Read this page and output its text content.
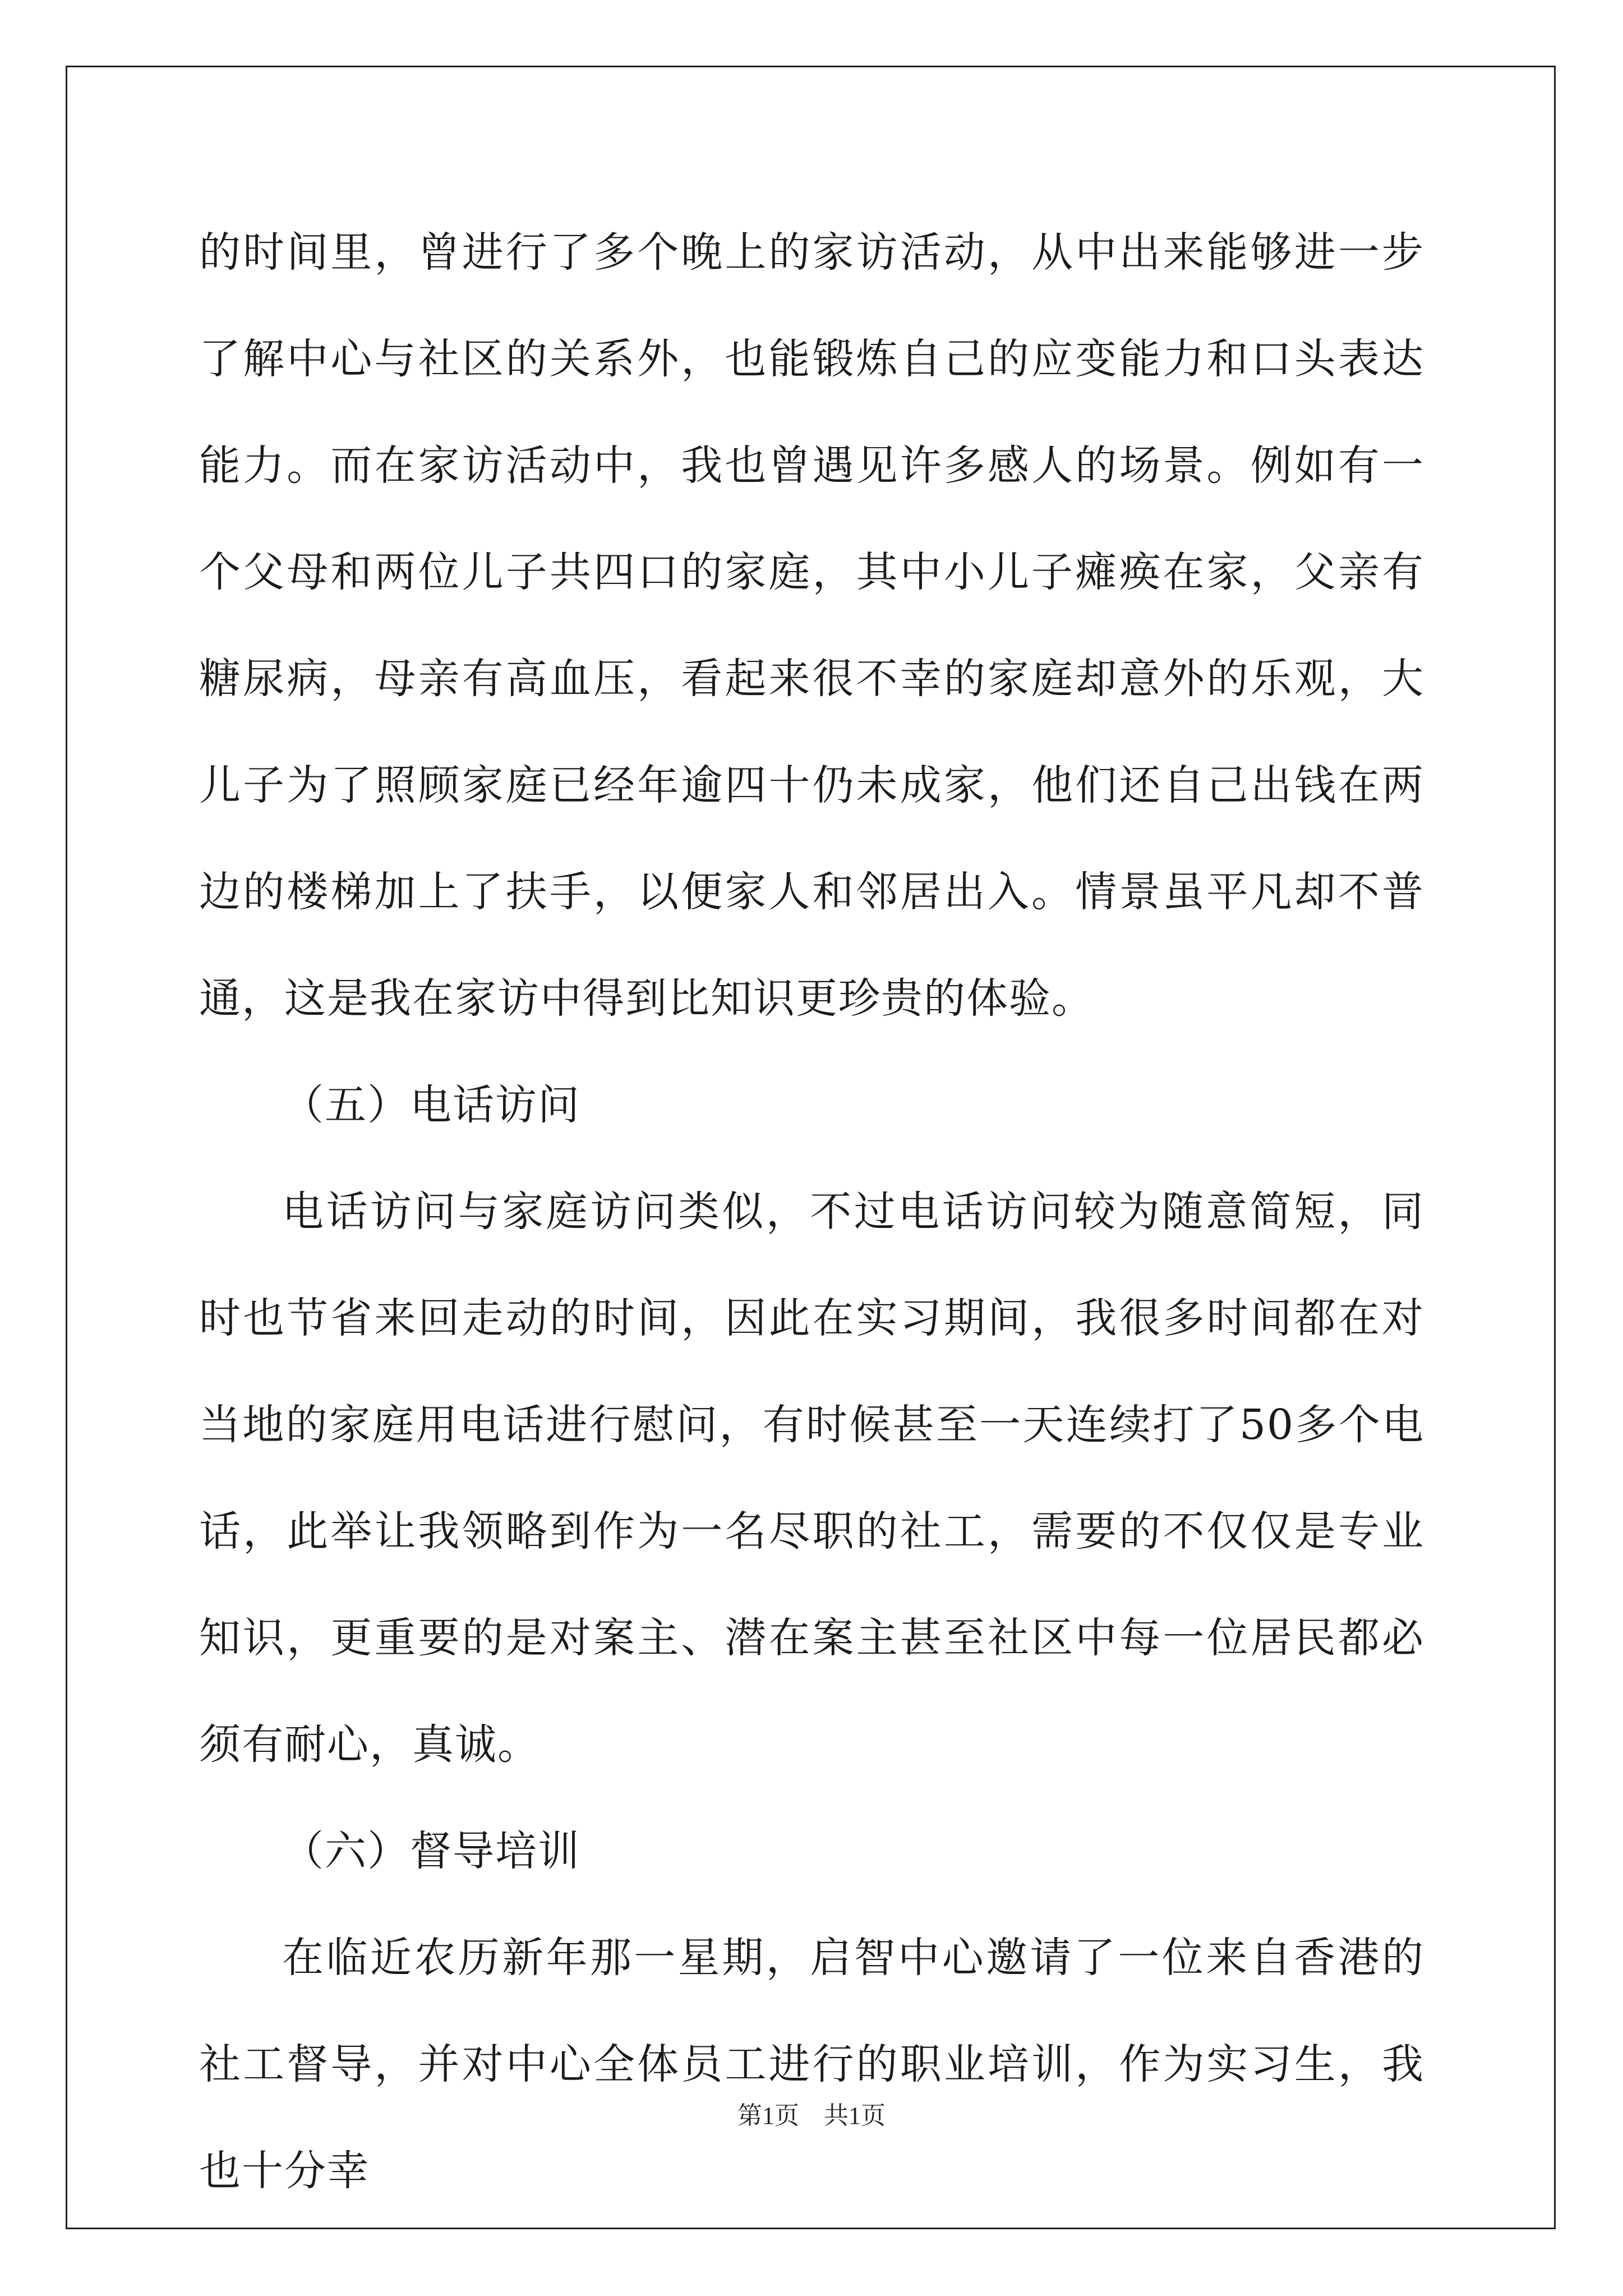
的时间里，曾进行了多个晚上的家访活动，从中出来能够进一步了解中心与社区的关系外，也能锻炼自己的应变能力和口头表达能力。而在家访活动中，我也曾遇见许多感人的场景。例如有一个父母和两位儿子共四口的家庭，其中小儿子瘫痪在家，父亲有糖尿病，母亲有高血压，看起来很不幸的家庭却意外的乐观，大儿子为了照顾家庭已经年逾四十仍未成家，他们还自己出钱在两边的楼梯加上了扶手，以便家人和邻居出入。情景虽平凡却不普通，这是我在家访中得到比知识更珍贵的体验。

（五）电话访问

电话访问与家庭访问类似，不过电话访问较为随意简短，同时也节省来回走动的时间，因此在实习期间，我很多时间都在对当地的家庭用电话进行慰问，有时候甚至一天连续打了50多个电话，此举让我领略到作为一名尽职的社工，需要的不仅仅是专业知识，更重要的是对案主、潜在案主甚至社区中每一位居民都必须有耐心，真诚。

（六）督导培训

在临近农历新年那一星期，启智中心邀请了一位来自香港的社工督导，并对中心全体员工进行的职业培训，作为实习生，我也十分幸

第1页　共1页
